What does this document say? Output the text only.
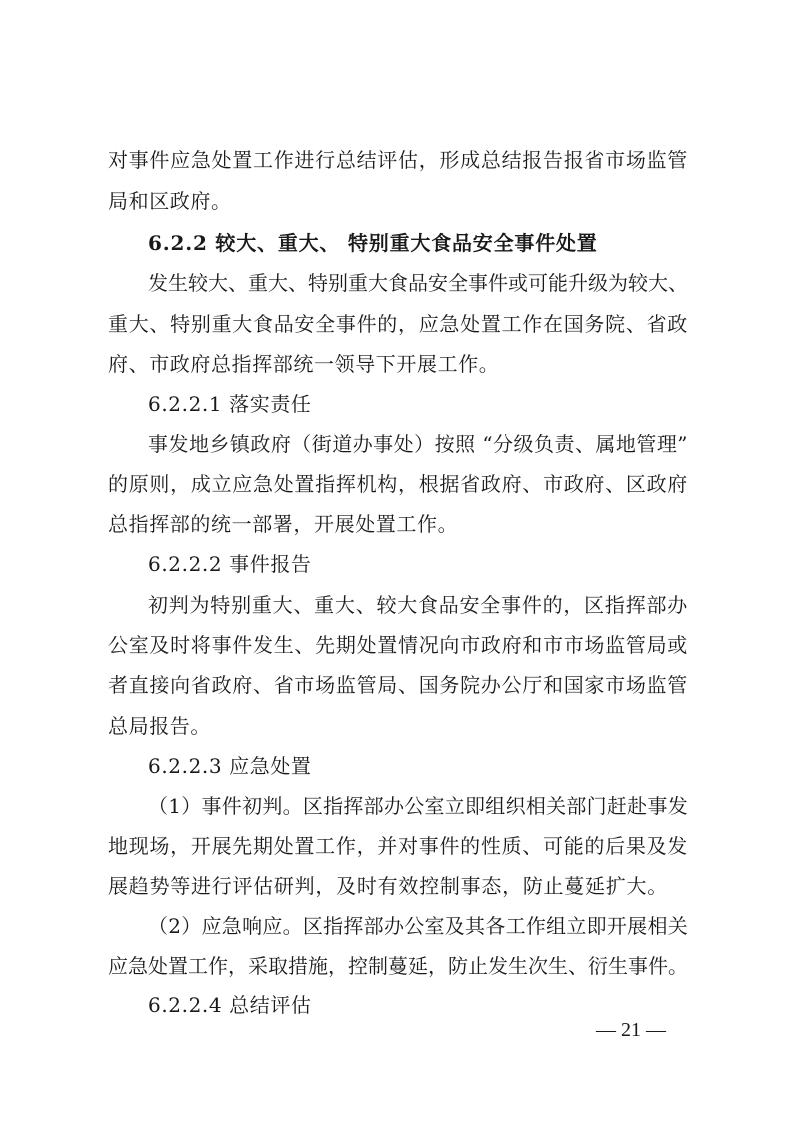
对事件应急处置工作进行总结评估，形成总结报告报省市场监管
局和区政府。
6.2.2 较大、重大、 特别重大食品安全事件处置
发生较大、重大、特别重大食品安全事件或可能升级为较大、
重大、特别重大食品安全事件的，应急处置工作在国务院、省政
府、市政府总指挥部统一领导下开展工作。
6.2.2.1 落实责任
事发地乡镇政府（街道办事处）按照 “分级负责、属地管理”
的原则，成立应急处置指挥机构，根据省政府、市政府、区政府
总指挥部的统一部署，开展处置工作。
6.2.2.2 事件报告
初判为特别重大、重大、较大食品安全事件的，区指挥部办
公室及时将事件发生、先期处置情况向市政府和市市场监管局或
者直接向省政府、省市场监管局、国务院办公厅和国家市场监管
总局报告。
6.2.2.3 应急处置
（1）事件初判。区指挥部办公室立即组织相关部门赶赴事发
地现场，开展先期处置工作，并对事件的性质、可能的后果及发
展趋势等进行评估研判，及时有效控制事态，防止蔓延扩大。
（2）应急响应。区指挥部办公室及其各工作组立即开展相关
应急处置工作，采取措施，控制蔓延，防止发生次生、衍生事件。
6.2.2.4 总结评估
— 21 —
